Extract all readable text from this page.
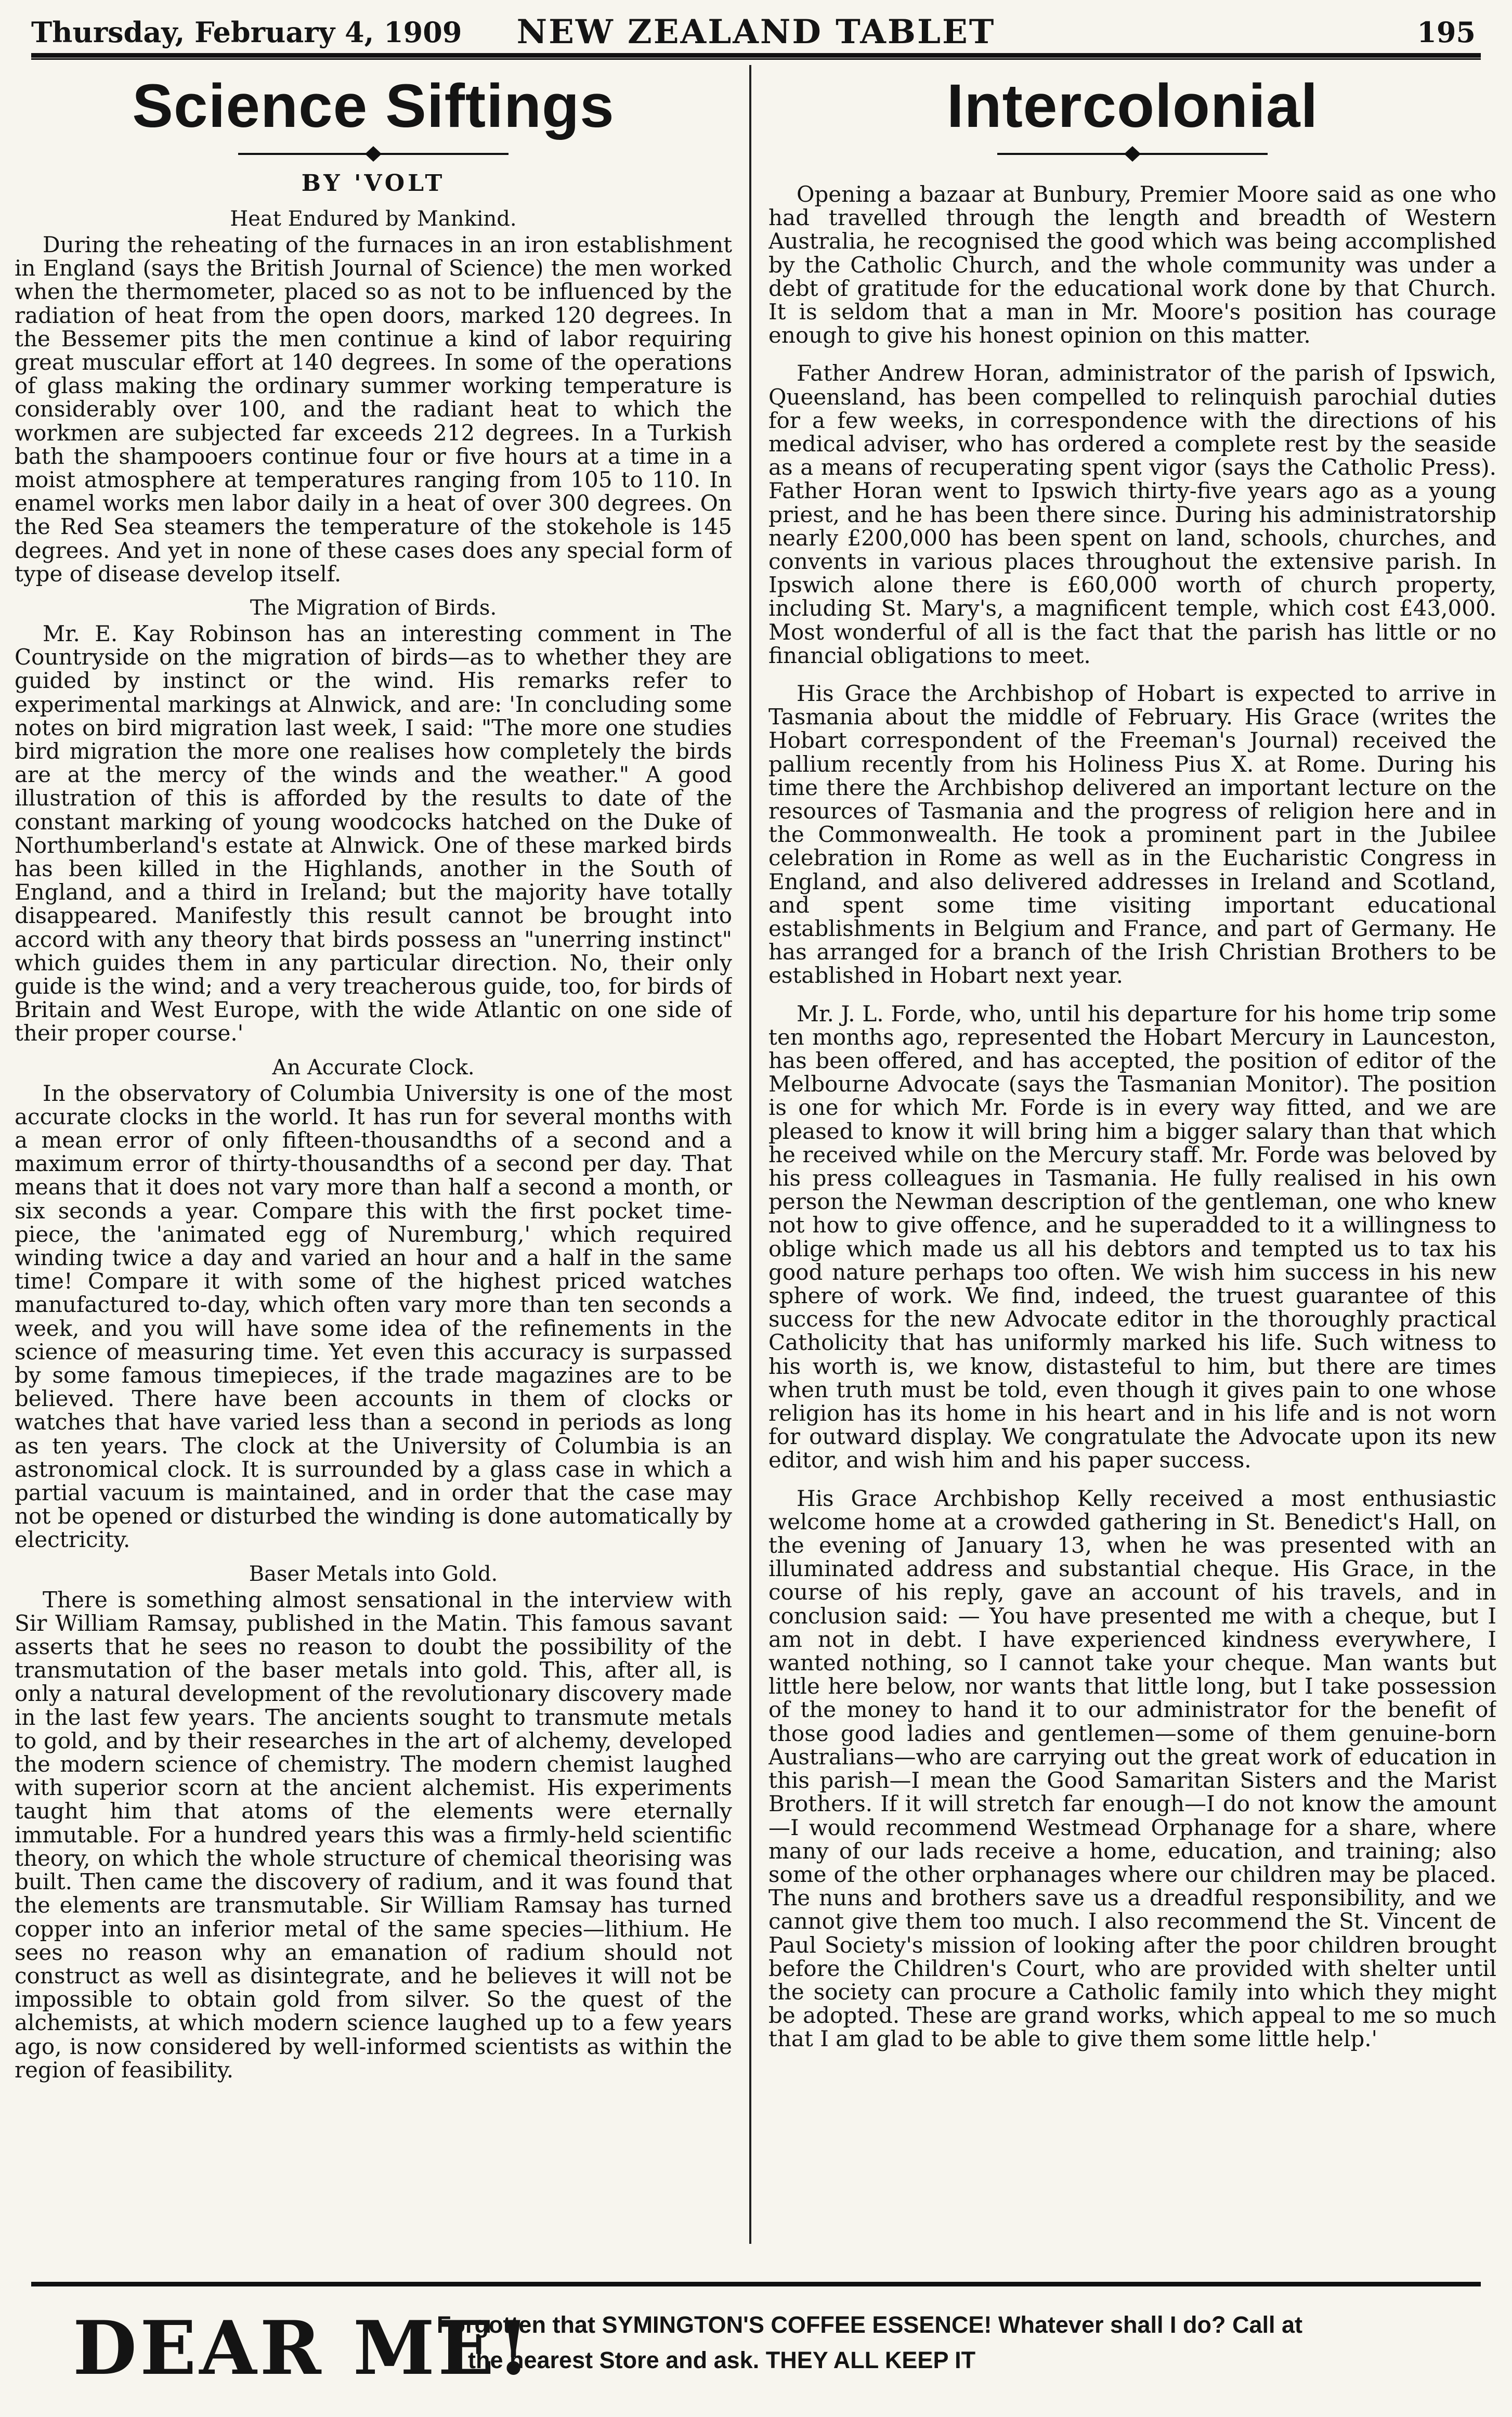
Thursday, February 4, 1909	NEW ZEALAND TABLET	195
Science Siftings
BY 'VOLT
Heat Endured by Mankind.

During the reheating of the furnaces in an iron establishment in England (says the British Journal of Science) the men worked when the thermometer, placed so as not to be influenced by the radiation of heat from the open doors, marked 120 degrees. In the Bessemer pits the men continue a kind of labor requiring great muscular effort at 140 degrees. In some of the operations of glass making the ordinary summer working temperature is considerably over 100, and the radiant heat to which the workmen are subjected far exceeds 212 degrees. In a Turkish bath the shampooers continue four or five hours at a time in a moist atmosphere at temperatures ranging from 105 to 110. In enamel works men labor daily in a heat of over 300 degrees. On the Red Sea steamers the temperature of the stokehole is 145 degrees. And yet in none of these cases does any special form of type of disease develop itself.

The Migration of Birds.

Mr. E. Kay Robinson has an interesting comment in The Countryside on the migration of birds—as to whether they are guided by instinct or the wind. His remarks refer to experimental markings at Alnwick, and are: 'In concluding some notes on bird migration last week, I said: "The more one studies bird migration the more one realises how completely the birds are at the mercy of the winds and the weather." A good illustration of this is afforded by the results to date of the constant marking of young woodcocks hatched on the Duke of Northumberland's estate at Alnwick. One of these marked birds has been killed in the Highlands, another in the South of England, and a third in Ireland; but the majority have totally disappeared. Manifestly this result cannot be brought into accord with any theory that birds possess an "unerring instinct" which guides them in any particular direction. No, their only guide is the wind; and a very treacherous guide, too, for birds of Britain and West Europe, with the wide Atlantic on one side of their proper course.'

An Accurate Clock.

In the observatory of Columbia University is one of the most accurate clocks in the world. It has run for several months with a mean error of only fifteen-thousandths of a second and a maximum error of thirty-thousandths of a second per day. That means that it does not vary more than half a second a month, or six seconds a year. Compare this with the first pocket time-piece, the 'animated egg of Nuremburg,' which required winding twice a day and varied an hour and a half in the same time! Compare it with some of the highest priced watches manufactured to-day, which often vary more than ten seconds a week, and you will have some idea of the refinements in the science of measuring time. Yet even this accuracy is surpassed by some famous timepieces, if the trade magazines are to be believed. There have been accounts in them of clocks or watches that have varied less than a second in periods as long as ten years. The clock at the University of Columbia is an astronomical clock. It is surrounded by a glass case in which a partial vacuum is maintained, and in order that the case may not be opened or disturbed the winding is done automatically by electricity.

Baser Metals into Gold.

There is something almost sensational in the interview with Sir William Ramsay, published in the Matin. This famous savant asserts that he sees no reason to doubt the possibility of the transmutation of the baser metals into gold. This, after all, is only a natural development of the revolutionary discovery made in the last few years. The ancients sought to transmute metals to gold, and by their researches in the art of alchemy, developed the modern science of chemistry. The modern chemist laughed with superior scorn at the ancient alchemist. His experiments taught him that atoms of the elements were eternally immutable. For a hundred years this was a firmly-held scientific theory, on which the whole structure of chemical theorising was built. Then came the discovery of radium, and it was found that the elements are transmutable. Sir William Ramsay has turned copper into an inferior metal of the same species—lithium. He sees no reason why an emanation of radium should not construct as well as disintegrate, and he believes it will not be impossible to obtain gold from silver. So the quest of the alchemists, at which modern science laughed up to a few years ago, is now considered by well-informed scientists as within the region of feasibility.

Intercolonial

Opening a bazaar at Bunbury, Premier Moore said as one who had travelled through the length and breadth of Western Australia, he recognised the good which was being accomplished by the Catholic Church, and the whole community was under a debt of gratitude for the educational work done by that Church. It is seldom that a man in Mr. Moore's position has courage enough to give his honest opinion on this matter.

Father Andrew Horan, administrator of the parish of Ipswich, Queensland, has been compelled to relinquish parochial duties for a few weeks, in correspondence with the directions of his medical adviser, who has ordered a complete rest by the seaside as a means of recuperating spent vigor (says the Catholic Press). Father Horan went to Ipswich thirty-five years ago as a young priest, and he has been there since. During his administratorship nearly £200,000 has been spent on land, schools, churches, and convents in various places throughout the extensive parish. In Ipswich alone there is £60,000 worth of church property, including St. Mary's, a magnificent temple, which cost £43,000. Most wonderful of all is the fact that the parish has little or no financial obligations to meet.

His Grace the Archbishop of Hobart is expected to arrive in Tasmania about the middle of February. His Grace (writes the Hobart correspondent of the Freeman's Journal) received the pallium recently from his Holiness Pius X. at Rome. During his time there the Archbishop delivered an important lecture on the resources of Tasmania and the progress of religion here and in the Commonwealth. He took a prominent part in the Jubilee celebration in Rome as well as in the Eucharistic Congress in England, and also delivered addresses in Ireland and Scotland, and spent some time visiting important educational establishments in Belgium and France, and part of Germany. He has arranged for a branch of the Irish Christian Brothers to be established in Hobart next year.

Mr. J. L. Forde, who, until his departure for his home trip some ten months ago, represented the Hobart Mercury in Launceston, has been offered, and has accepted, the position of editor of the Melbourne Advocate (says the Tasmanian Monitor). The position is one for which Mr. Forde is in every way fitted, and we are pleased to know it will bring him a bigger salary than that which he received while on the Mercury staff. Mr. Forde was beloved by his press colleagues in Tasmania. He fully realised in his own person the Newman description of the gentleman, one who knew not how to give offence, and he superadded to it a willingness to oblige which made us all his debtors and tempted us to tax his good nature perhaps too often. We wish him success in his new sphere of work. We find, indeed, the truest guarantee of this success for the new Advocate editor in the thoroughly practical Catholicity that has uniformly marked his life. Such witness to his worth is, we know, distasteful to him, but there are times when truth must be told, even though it gives pain to one whose religion has its home in his heart and in his life and is not worn for outward display. We congratulate the Advocate upon its new editor, and wish him and his paper success.

His Grace Archbishop Kelly received a most enthusiastic welcome home at a crowded gathering in St. Benedict's Hall, on the evening of January 13, when he was presented with an illuminated address and substantial cheque. His Grace, in the course of his reply, gave an account of his travels, and in conclusion said: — You have presented me with a cheque, but I am not in debt. I have experienced kindness everywhere, I wanted nothing, so I cannot take your cheque. Man wants but little here below, nor wants that little long, but I take possession of the money to hand it to our administrator for the benefit of those good ladies and gentlemen—some of them genuine-born Australians—who are carrying out the great work of education in this parish—I mean the Good Samaritan Sisters and the Marist Brothers. If it will stretch far enough—I do not know the amount—I would recommend Westmead Orphanage for a share, where many of our lads receive a home, education, and training; also some of the other orphanages where our children may be placed. The nuns and brothers save us a dreadful responsibility, and we cannot give them too much. I also recommend the St. Vincent de Paul Society's mission of looking after the poor children brought before the Children's Court, who are provided with shelter until the society can procure a Catholic family into which they might be adopted. These are grand works, which appeal to me so much that I am glad to be able to give them some little help.'

DEAR ME!
Forgotten that SYMINGTON'S COFFEE ESSENCE! Whatever shall I do? Call at
the nearest Store and ask. THEY ALL KEEP IT
